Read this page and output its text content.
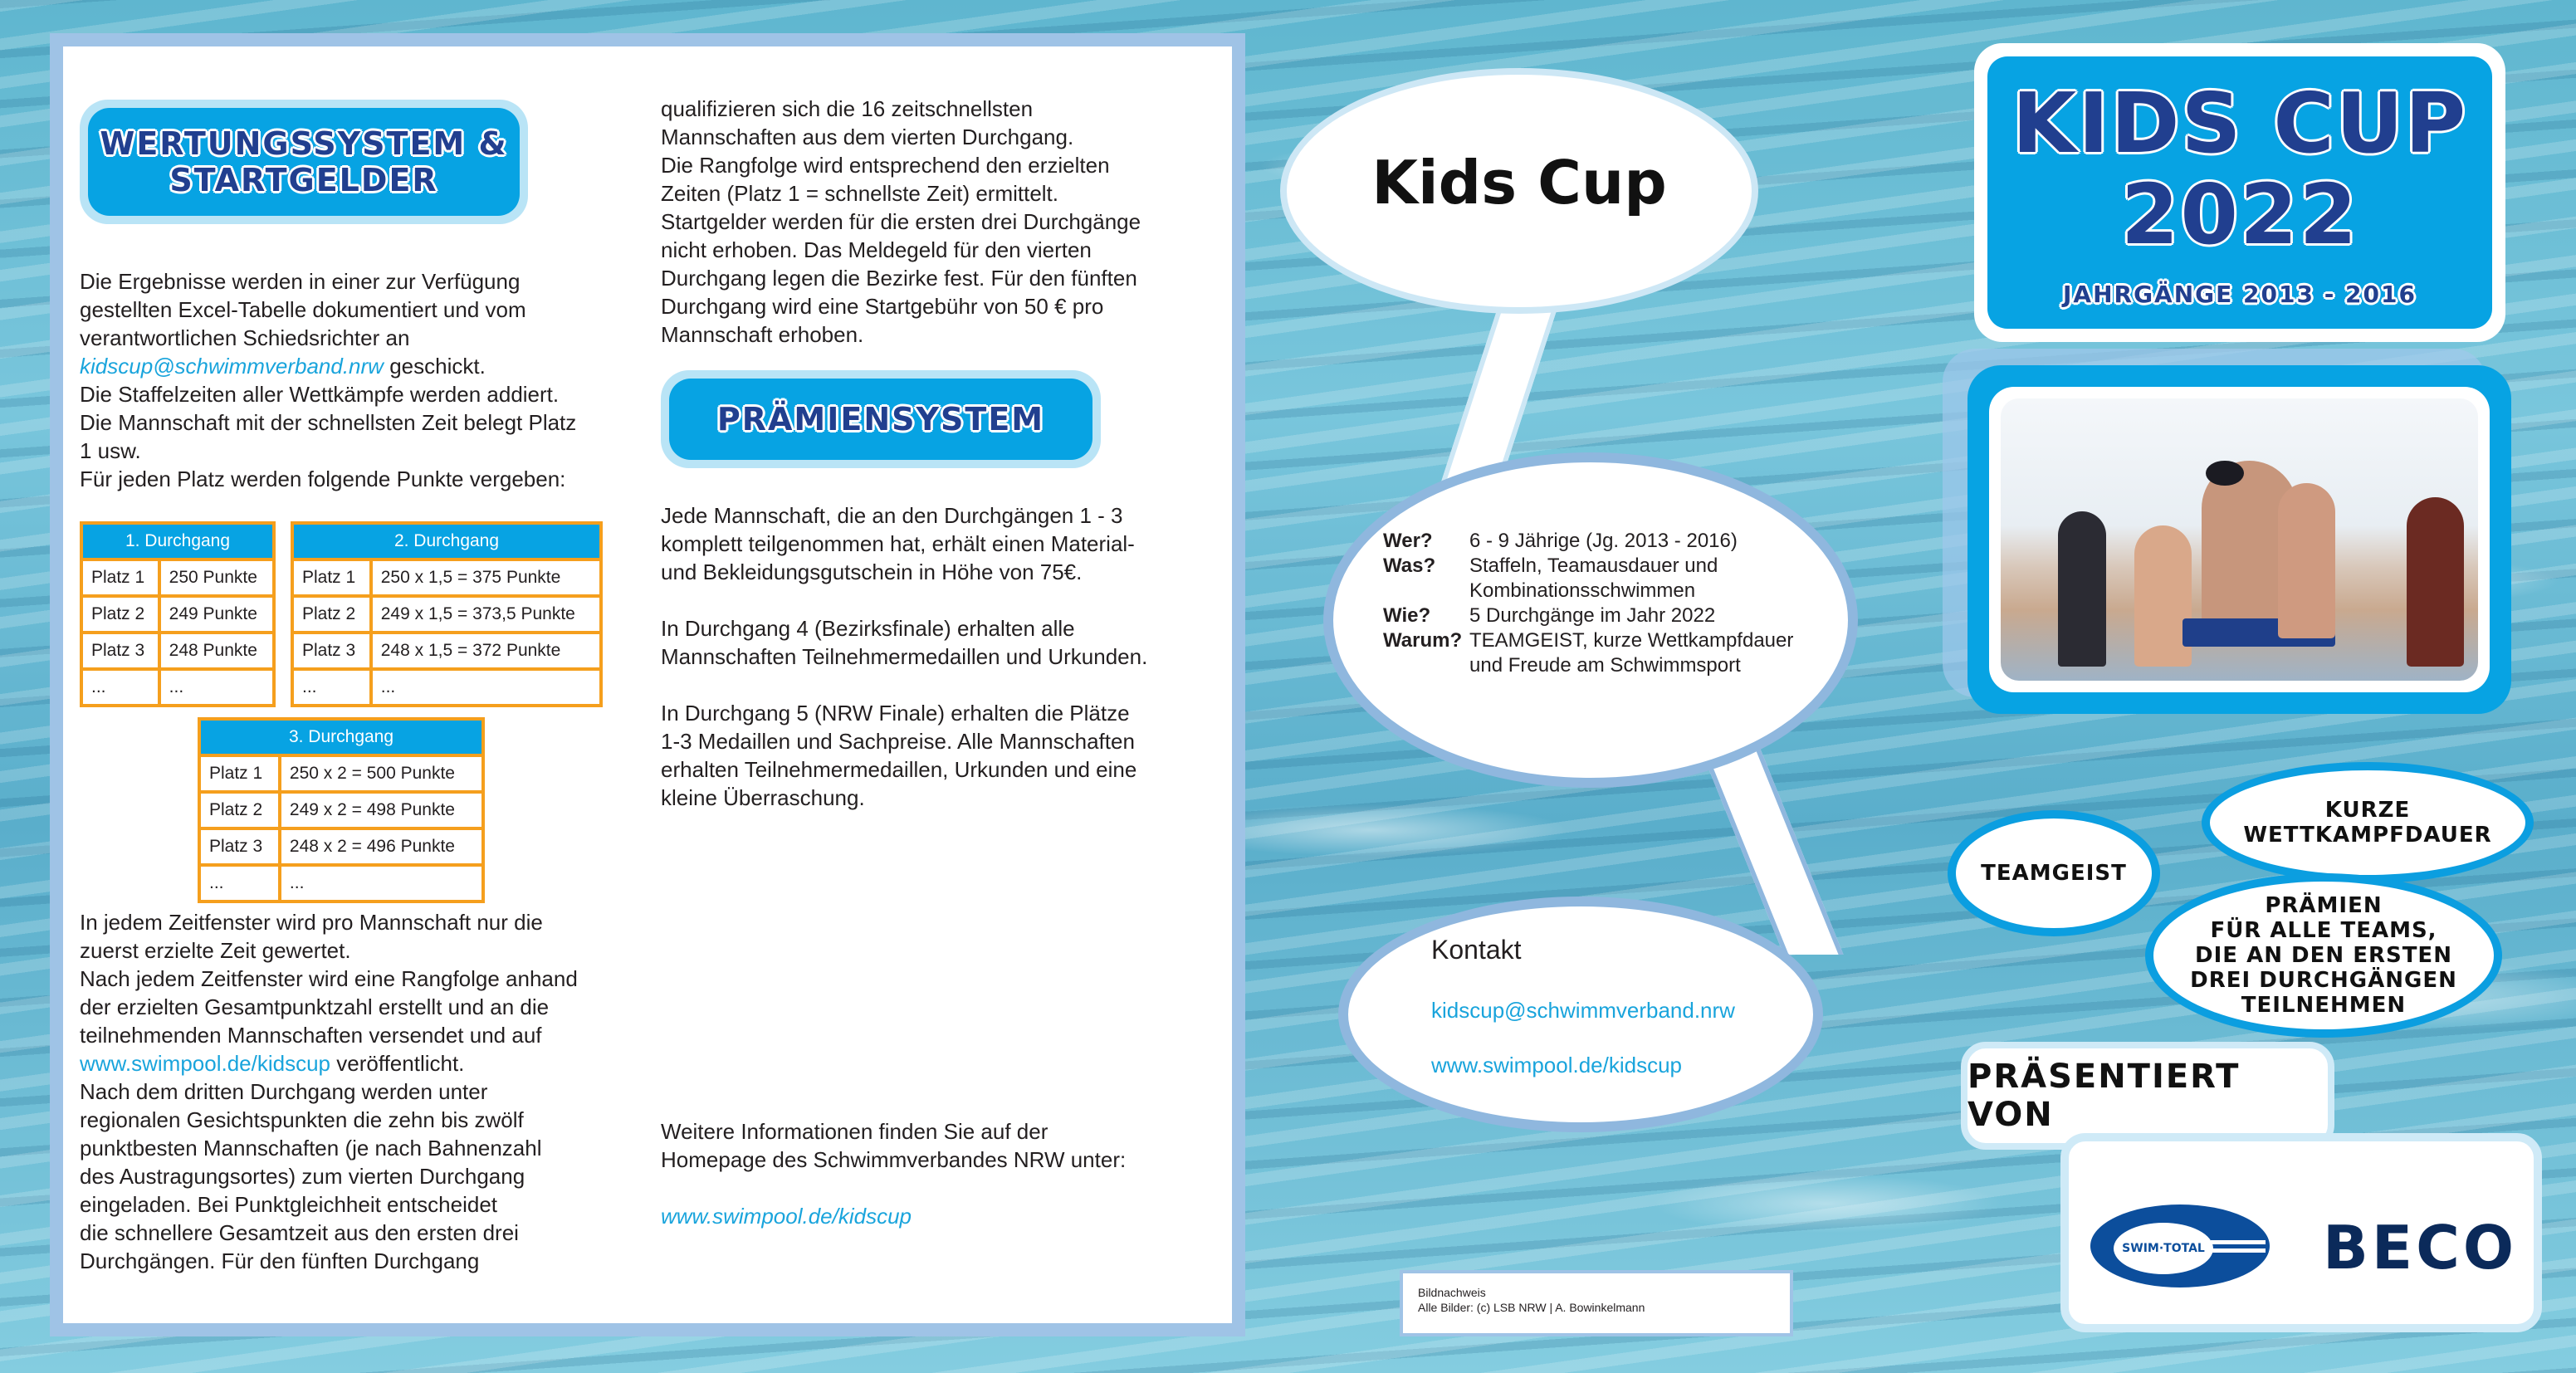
WERTUNGSSYSTEM &
STARTGELDER

Die Ergebnisse werden in einer zur Verfügung

gestellten Excel-Tabelle dokumentiert und vom

verantwortlichen Schiedsrichter an

kidscup@schwimmverband.nrw geschickt.

Die Staffelzeiten aller Wettkämpfe werden addiert.

Die Mannschaft mit der schnellsten Zeit belegt Platz

1 usw.

Für jeden Platz werden folgende Punkte vergeben:

1. Durchgang	
Platz 1	250 Punkte
Platz 2	249 Punkte
Platz 3	248 Punkte
...	...
2. Durchgang	
Platz 1	250 x 1,5 = 375 Punkte
Platz 2	249 x 1,5 = 373,5 Punkte
Platz 3	248 x 1,5 = 372 Punkte
...	...
3. Durchgang	
Platz 1	250 x 2 = 500 Punkte
Platz 2	249 x 2 = 498 Punkte
Platz 3	248 x 2 = 496 Punkte
...	...

In jedem Zeitfenster wird pro Mannschaft nur die

zuerst erzielte Zeit gewertet.

Nach jedem Zeitfenster wird eine Rangfolge anhand

der erzielten Gesamtpunktzahl erstellt und an die

teilnehmenden Mannschaften versendet und auf

www.swimpool.de/kidscup veröffentlicht.

Nach dem dritten Durchgang werden unter

regionalen Gesichtspunkten die zehn bis zwölf

punktbesten Mannschaften (je nach Bahnenzahl

des Austragungsortes) zum vierten Durchgang

eingeladen. Bei Punktgleichheit entscheidet

die schnellere Gesamtzeit aus den ersten drei

Durchgängen. Für den fünften Durchgang

qualifizieren sich die 16 zeitschnellsten

Mannschaften aus dem vierten Durchgang.

Die Rangfolge wird entsprechend den erzielten

Zeiten (Platz 1 = schnellste Zeit) ermittelt.

Startgelder werden für die ersten drei Durchgänge

nicht erhoben. Das Meldegeld für den vierten

Durchgang legen die Bezirke fest. Für den fünften

Durchgang wird eine Startgebühr von 50 € pro

Mannschaft erhoben.

PRÄMIENSYSTEM

Jede Mannschaft, die an den Durchgängen 1 - 3

komplett teilgenommen hat, erhält einen Material-

und Bekleidungsgutschein in Höhe von 75€.

In Durchgang 4 (Bezirksfinale) erhalten alle

Mannschaften Teilnehmermedaillen und Urkunden.

In Durchgang 5 (NRW Finale) erhalten die Plätze

1-3 Medaillen und Sachpreise. Alle Mannschaften

erhalten Teilnehmermedaillen, Urkunden und eine

kleine Überraschung.

Weitere Informationen finden Sie auf der

Homepage des Schwimmverbandes NRW unter:

www.swimpool.de/kidscup

Kids Cup
Wer?	6 - 9 Jährige (Jg. 2013 - 2016)
Was?	Staffeln, Teamausdauer und
Kombinationsschwimmen
Wie?	5 Durchgänge im Jahr 2022
Warum? TEAMGEIST, kurze Wettkampfdauer
und Freude am Schwimmsport
Kontakt
kidscup@schwimmverband.nrw
www.swimpool.de/kidscup
Bildnachweis
Alle Bilder: (c) LSB NRW | A. Bowinkelmann
KIDS CUP
2022
JAHRGÄNGE 2013 - 2016
KURZE
WETTKAMPFDAUER
TEAMGEIST
PRÄMIEN
FÜR ALLE TEAMS,
DIE AN DEN ERSTEN
DREI DURCHGÄNGEN
TEILNEHMEN
PRÄSENTIERT VON
SWIM·TOTAL BECO
